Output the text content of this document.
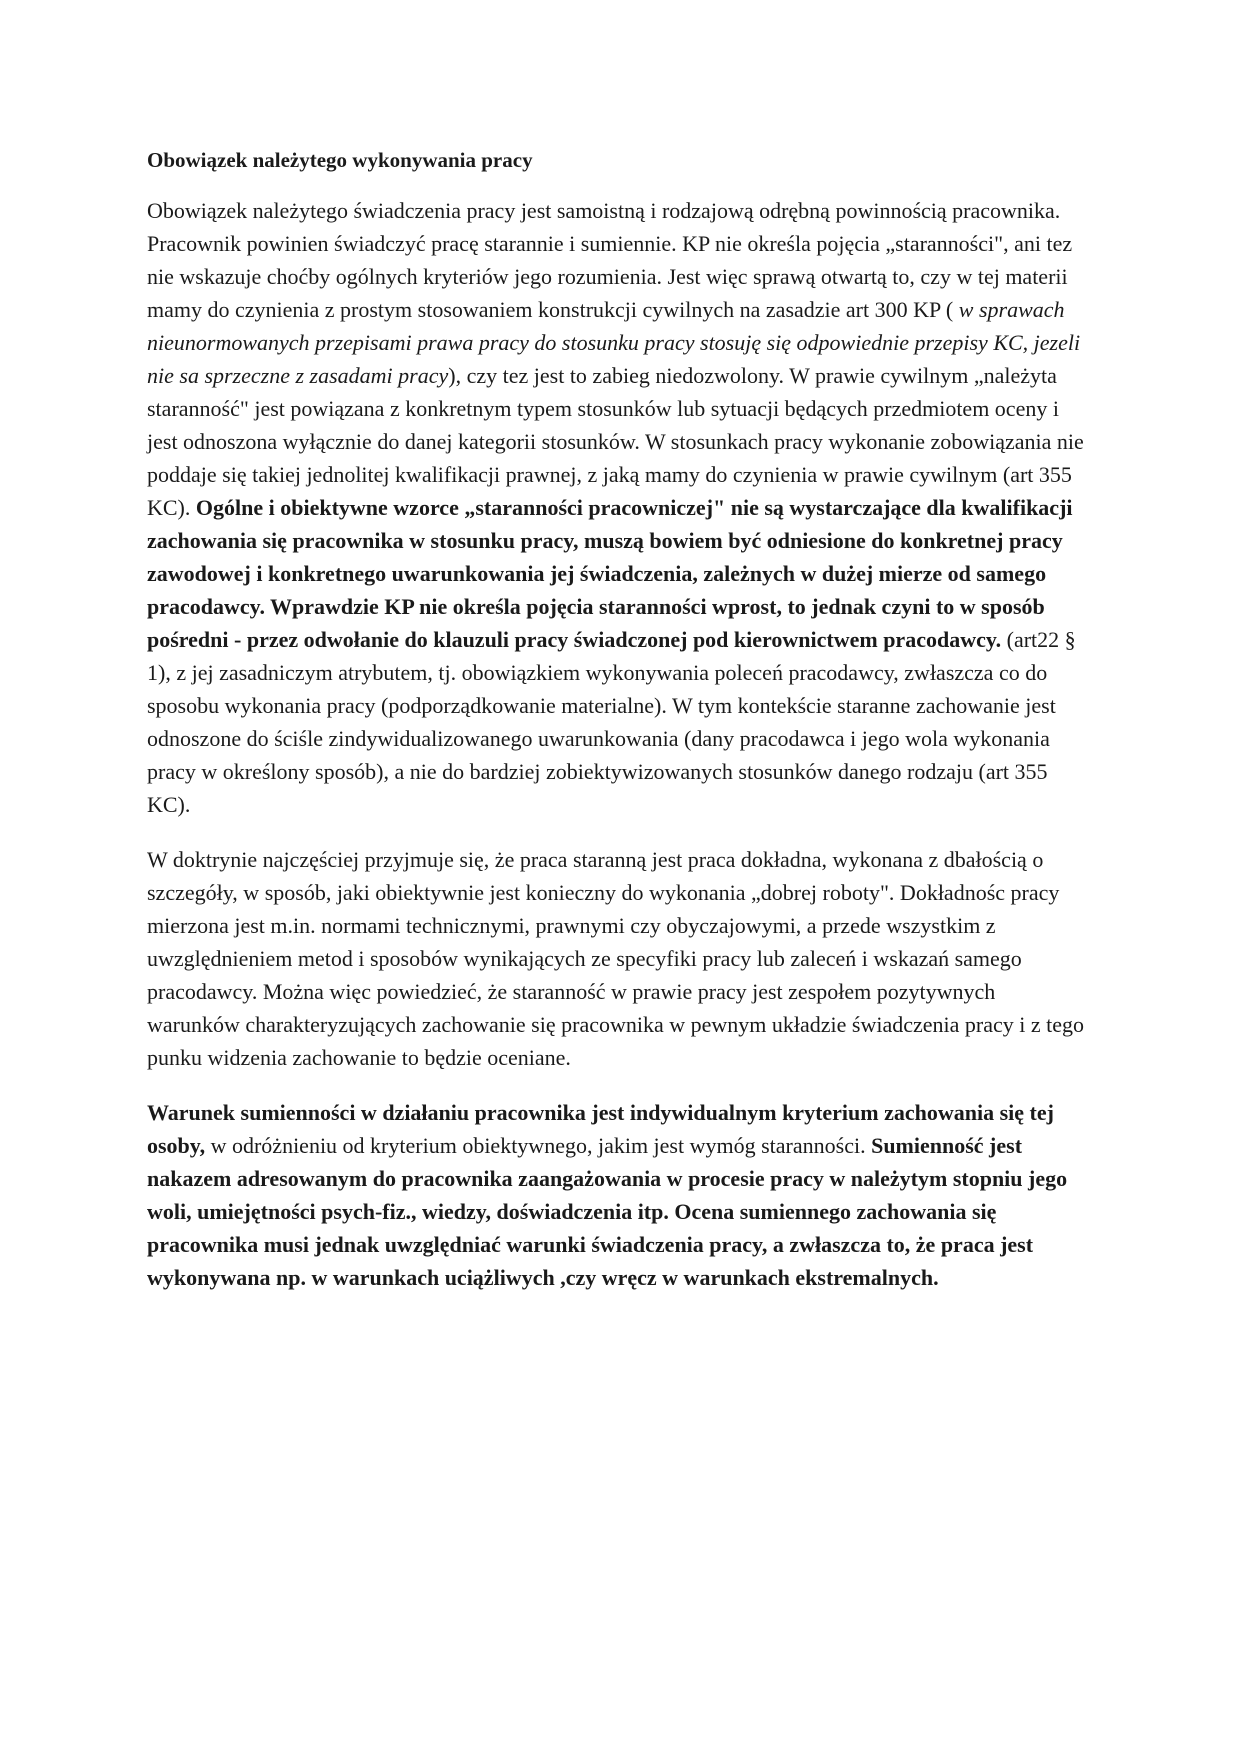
Obowiązek należytego wykonywania pracy

Obowiązek należytego świadczenia pracy jest samoistną i rodzajową odrębną powinnością pracownika. Pracownik powinien świadczyć pracę starannie i sumiennie. KP nie określa pojęcia „staranności", ani tez nie wskazuje choćby ogólnych kryteriów jego rozumienia. Jest więc sprawą otwartą to, czy w tej materii mamy do czynienia z prostym stosowaniem konstrukcji cywilnych na zasadzie art 300 KP ( w sprawach nieunormowanych przepisami prawa pracy do stosunku pracy stosuję się odpowiednie przepisy KC, jezeli nie sa sprzeczne z zasadami pracy), czy tez jest to zabieg niedozwolony. W prawie cywilnym „należyta staranność" jest powiązana z konkretnym typem stosunków lub sytuacji będących przedmiotem oceny i jest odnoszona wyłącznie do danej kategorii stosunków. W stosunkach pracy wykonanie zobowiązania nie poddaje się takiej jednolitej kwalifikacji prawnej, z jaką mamy do czynienia w prawie cywilnym (art 355 KC). Ogólne i obiektywne wzorce „staranności pracowniczej" nie są wystarczające dla kwalifikacji zachowania się pracownika w stosunku pracy, muszą bowiem być odniesione do konkretnej pracy zawodowej i konkretnego uwarunkowania jej świadczenia, zależnych w dużej mierze od samego pracodawcy. Wprawdzie KP nie określa pojęcia staranności wprost, to jednak czyni to w sposób pośredni - przez odwołanie do klauzuli pracy świadczonej pod kierownictwem pracodawcy. (art22 § 1), z jej zasadniczym atrybutem, tj. obowiązkiem wykonywania poleceń pracodawcy, zwłaszcza co do sposobu wykonania pracy (podporządkowanie materialne). W tym kontekście staranne zachowanie jest odnoszone do ściśle zindywidualizowanego uwarunkowania (dany pracodawca i jego wola wykonania pracy w określony sposób), a nie do bardziej zobiektywizowanych stosunków danego rodzaju (art 355 KC).

W doktrynie najczęściej przyjmuje się, że praca staranną jest praca dokładna, wykonana z dbałością o szczegóły, w sposób, jaki obiektywnie jest konieczny do wykonania „dobrej roboty". Dokładnośc pracy mierzona jest m.in. normami technicznymi, prawnymi czy obyczajowymi, a przede wszystkim z uwzględnieniem metod i sposobów wynikających ze specyfiki pracy lub zaleceń i wskazań samego pracodawcy. Można więc powiedzieć, że staranność w prawie pracy jest zespołem pozytywnych warunków charakteryzujących zachowanie się pracownika w pewnym układzie świadczenia pracy i z tego punku widzenia zachowanie to będzie oceniane.

Warunek sumienności w działaniu pracownika jest indywidualnym kryterium zachowania się tej osoby, w odróżnieniu od kryterium obiektywnego, jakim jest wymóg staranności. Sumienność jest nakazem adresowanym do pracownika zaangażowania w procesie pracy w należytym stopniu jego woli, umiejętności psych-fiz., wiedzy, doświadczenia itp. Ocena sumiennego zachowania się pracownika musi jednak uwzględniać warunki świadczenia pracy, a zwłaszcza to, że praca jest wykonywana np. w warunkach uciążliwych ,czy wręcz w warunkach ekstremalnych.
